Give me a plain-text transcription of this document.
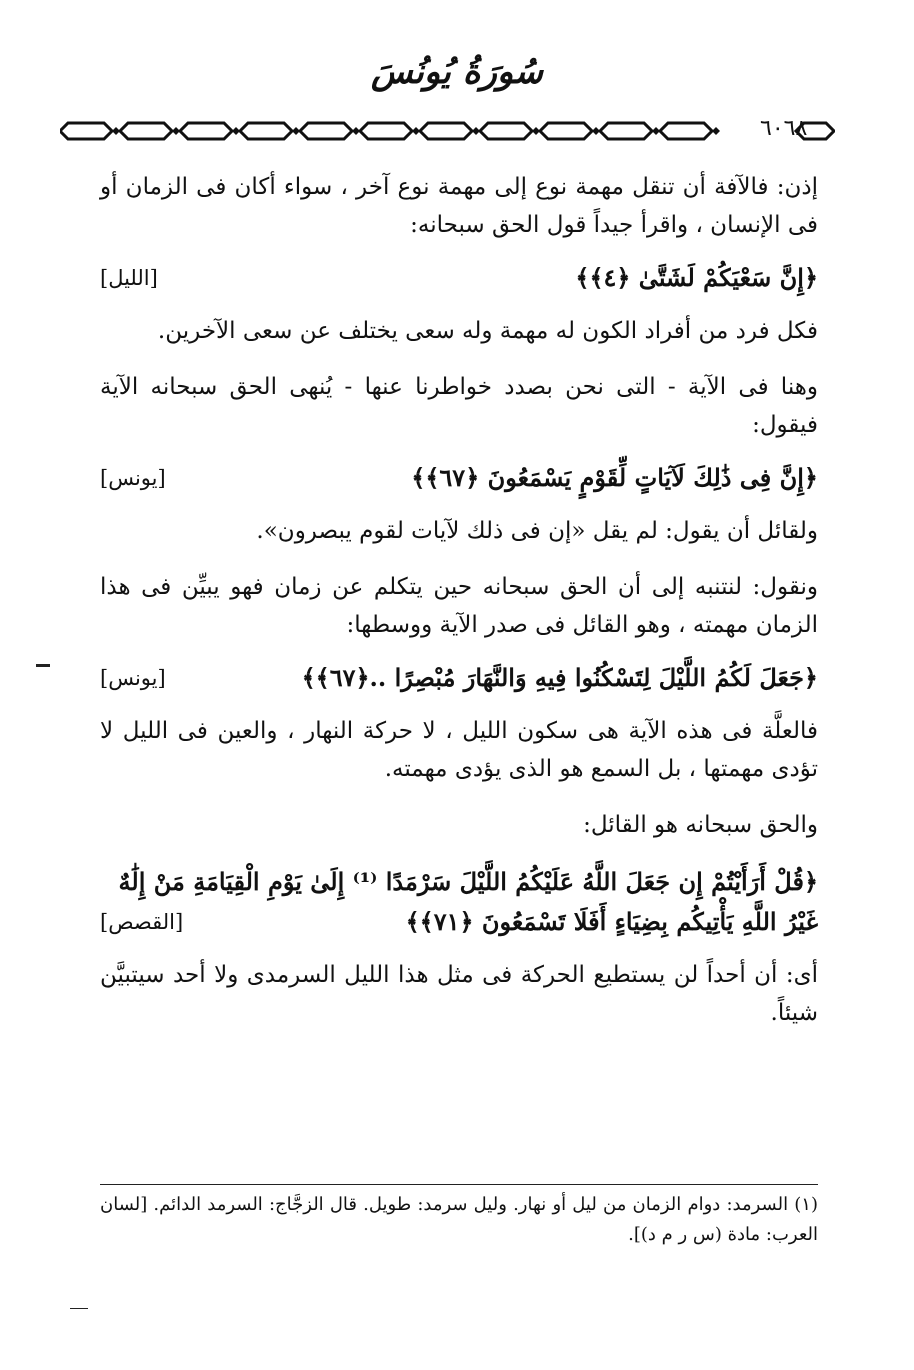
سُورَةُ يُونُسَ
٦٠٦٨

إذن: فالآفة أن تنقل مهمة نوع إلى مهمة نوع آخر ، سواء أكان فى الزمان أو فى الإنسان ، واقرأ جيداً قول الحق سبحانه:

﴿إِنَّ سَعْيَكُمْ لَشَتَّىٰ ﴿٤﴾﴾
[الليل]

فكل فرد من أفراد الكون له مهمة وله سعى يختلف عن سعى الآخرين.

وهنا فى الآية - التى نحن بصدد خواطرنا عنها - يُنهى الحق سبحانه الآية فيقول:

﴿إِنَّ فِى ذَٰلِكَ لَآيَاتٍ لِّقَوْمٍ يَسْمَعُونَ ﴿٦٧﴾﴾
[يونس]

ولقائل أن يقول: لم يقل «إن فى ذلك لآيات لقوم يبصرون».

ونقول: لنتنبه إلى أن الحق سبحانه حين يتكلم عن زمان فهو يبيِّن فى هذا الزمان مهمته ، وهو القائل فى صدر الآية ووسطها:

﴿جَعَلَ لَكُمُ اللَّيْلَ لِتَسْكُنُوا فِيهِ وَالنَّهَارَ مُبْصِرًا ..﴿٦٧﴾﴾
[يونس]

فالعلَّة فى هذه الآية هى سكون الليل ، لا حركة النهار ، والعين فى الليل لا تؤدى مهمتها ، بل السمع هو الذى يؤدى مهمته.

والحق سبحانه هو القائل:

﴿قُلْ أَرَأَيْتُمْ إِن جَعَلَ اللَّهُ عَلَيْكُمُ اللَّيْلَ سَرْمَدًا ⁽¹⁾ إِلَىٰ يَوْمِ الْقِيَامَةِ مَنْ إِلَٰهٌ
غَيْرُ اللَّهِ يَأْتِيكُم بِضِيَاءٍ أَفَلَا تَسْمَعُونَ ﴿٧١﴾﴾
[القصص]

أى: أن أحداً لن يستطيع الحركة فى مثل هذا الليل السرمدى ولا أحد سيتبيَّن شيئاً.

(١) السرمد: دوام الزمان من ليل أو نهار. وليل سرمد: طويل. قال الزجَّاج: السرمد الدائم. [لسان العرب: مادة (س ر م د)].
